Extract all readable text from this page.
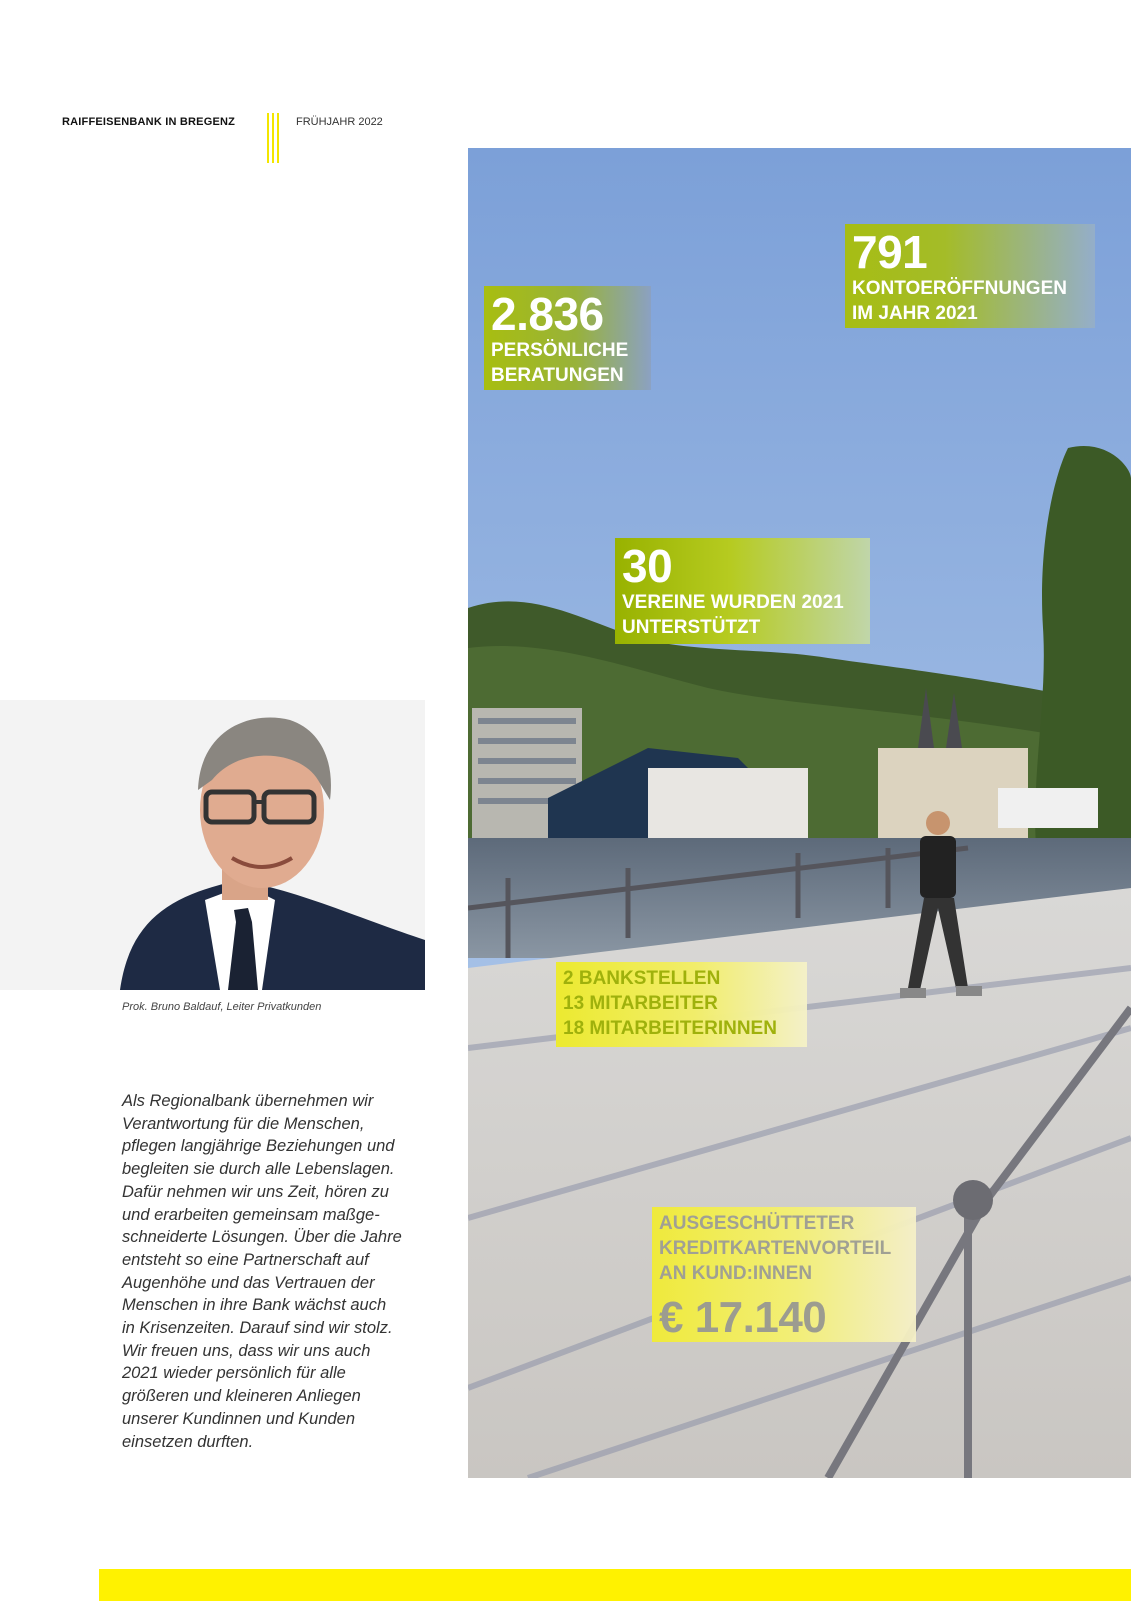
RAIFFEISENBANK IN BREGENZ	FRÜHJAHR 2022
2.836
PERSÖNLICHE
BERATUNGEN
791
KONTOERÖFFNUNGEN
IM JAHR 2021
30
VEREINE WURDEN 2021
UNTERSTÜTZT
2 BANKSTELLEN
13 MITARBEITER
18 MITARBEITERINNEN
AUSGESCHÜTTETER
KREDITKARTENVORTEIL
AN KUND:INNEN
€ 17.140
Prok. Bruno Baldauf, Leiter Privatkunden
Als Regionalbank übernehmen wir
Verantwortung für die Menschen,
pflegen langjährige Beziehungen und
begleiten sie durch alle Lebenslagen.
Dafür nehmen wir uns Zeit, hören zu
und erarbeiten gemeinsam maßge-
schneiderte Lösungen. Über die Jahre
entsteht so eine Partnerschaft auf
Augenhöhe und das Vertrauen der
Menschen in ihre Bank wächst auch
in Krisenzeiten. Darauf sind wir stolz.
Wir freuen uns, dass wir uns auch
2021 wieder persönlich für alle
größeren und kleineren Anliegen
unserer Kundinnen und Kunden
einsetzen durften.
